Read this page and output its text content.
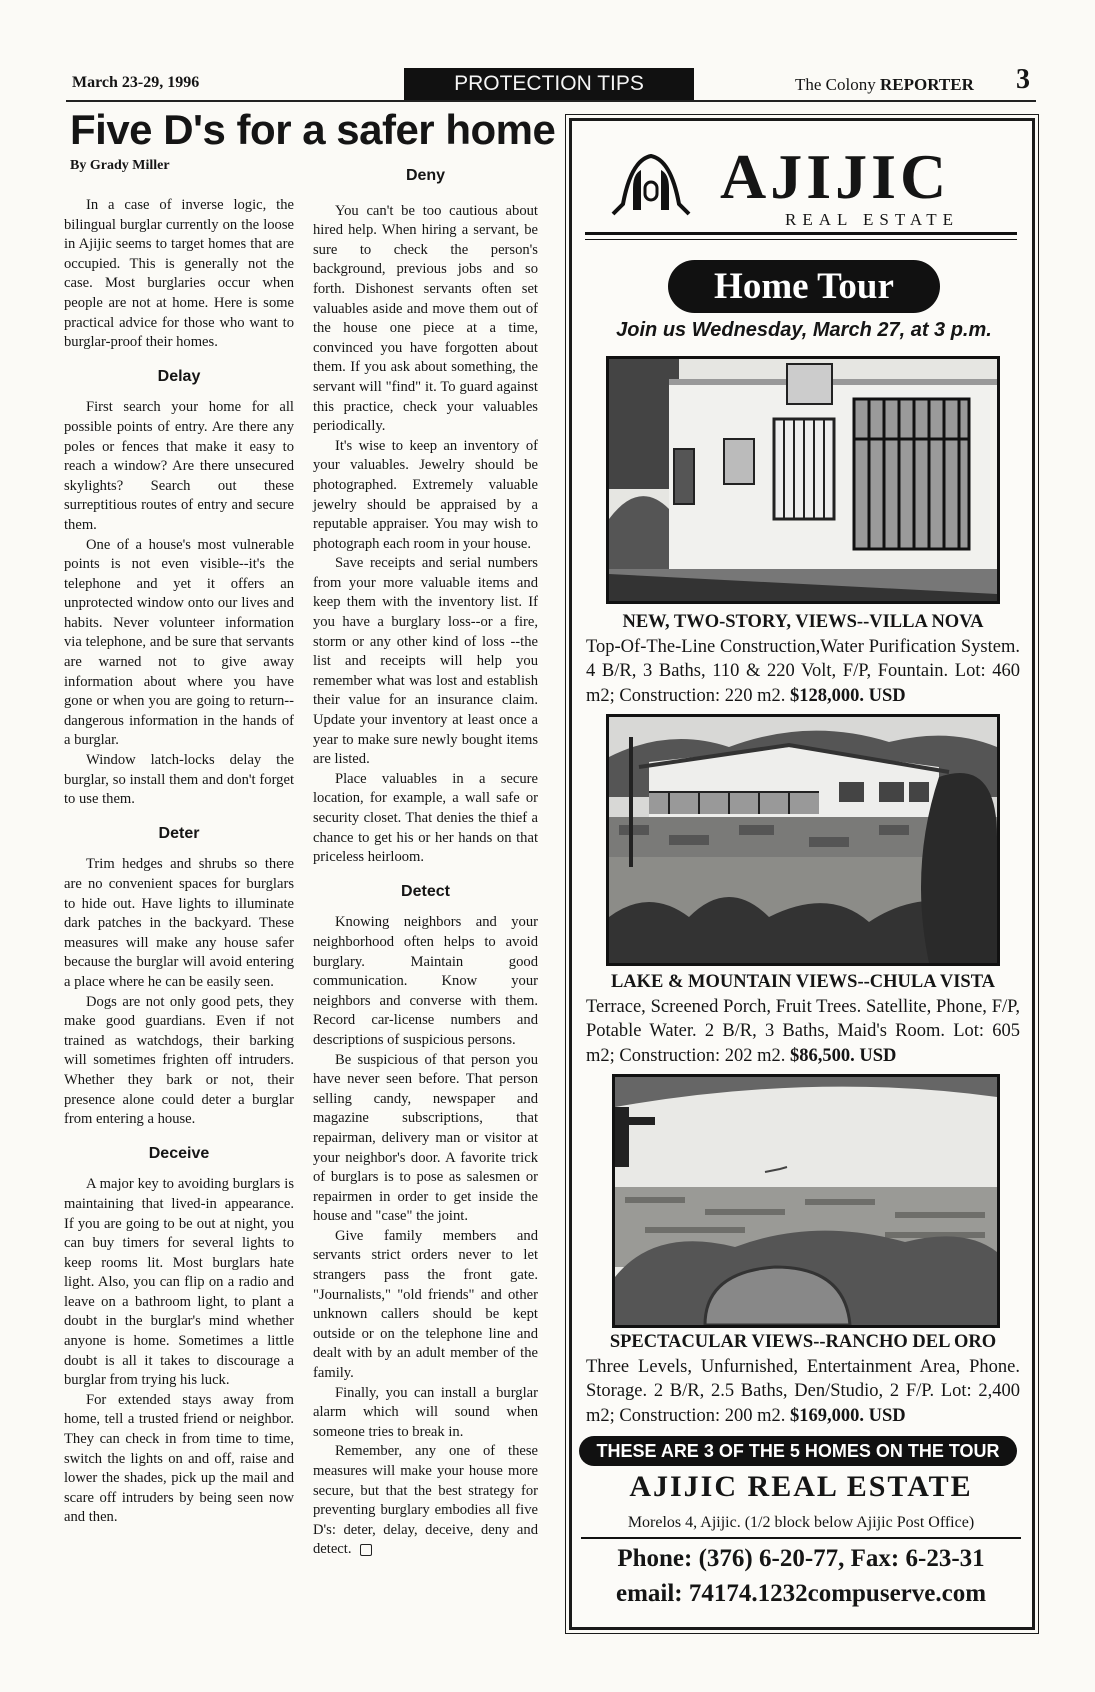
March 23-29, 1996	PROTECTION TIPS	The Colony REPORTER 3
Five D's for a safer home
By Grady Miller

In a case of inverse logic, the bilingual burglar currently on the loose in Ajijic seems to target homes that are occupied. This is generally not the case. Most burglaries occur when people are not at home. Here is some practical advice for those who want to burglar-proof their homes.

Delay

First search your home for all possible points of entry. Are there any poles or fences that make it easy to reach a window? Are there unsecured skylights? Search out these surreptitious routes of entry and secure them.

One of a house's most vulnerable points is not even visible--it's the telephone and yet it offers an unprotected window onto our lives and habits. Never volunteer information via telephone, and be sure that servants are warned not to give away information about where you have gone or when you are going to return--dangerous information in the hands of a burglar.

Window latch-locks delay the burglar, so install them and don't forget to use them.

Deter

Trim hedges and shrubs so there are no convenient spaces for burglars to hide out. Have lights to illuminate dark patches in the backyard. These measures will make any house safer because the burglar will avoid entering a place where he can be easily seen.

Dogs are not only good pets, they make good guardians. Even if not trained as watchdogs, their barking will sometimes frighten off intruders. Whether they bark or not, their presence alone could deter a burglar from entering a house.

Deceive

A major key to avoiding burglars is maintaining that lived-in appearance. If you are going to be out at night, you can buy timers for several lights to keep rooms lit. Most burglars hate light. Also, you can flip on a radio and leave on a bathroom light, to plant a doubt in the burglar's mind whether anyone is home. Sometimes a little doubt is all it takes to discourage a burglar from trying his luck.

For extended stays away from home, tell a trusted friend or neighbor. They can check in from time to time, switch the lights on and off, raise and lower the shades, pick up the mail and scare off intruders by being seen now and then.

Deny

You can't be too cautious about hired help. When hiring a servant, be sure to check the person's background, previous jobs and so forth. Dishonest servants often set valuables aside and move them out of the house one piece at a time, convinced you have forgotten about them. If you ask about something, the servant will "find" it. To guard against this practice, check your valuables periodically.

It's wise to keep an inventory of your valuables. Jewelry should be photographed. Extremely valuable jewelry should be appraised by a reputable appraiser. You may wish to photograph each room in your house.

Save receipts and serial numbers from your more valuable items and keep them with the inventory list. If you have a burglary loss--or a fire, storm or any other kind of loss --the list and receipts will help you remember what was lost and establish their value for an insurance claim. Update your inventory at least once a year to make sure newly bought items are listed.

Place valuables in a secure location, for example, a wall safe or security closet. That denies the thief a chance to get his or her hands on that priceless heirloom.

Detect

Knowing neighbors and your neighborhood often helps to avoid burglary. Maintain good communication. Know your neighbors and converse with them. Record car-license numbers and descriptions of suspicious persons.

Be suspicious of that person you have never seen before. That person selling candy, newspaper and magazine subscriptions, that repairman, delivery man or visitor at your neighbor's door. A favorite trick of burglars is to pose as salesmen or repairmen in order to get inside the house and "case" the joint.

Give family members and servants strict orders never to let strangers pass the front gate. "Journalists," "old friends" and other unknown callers should be kept outside or on the telephone line and dealt with by an adult member of the family.

Finally, you can install a burglar alarm which will sound when someone tries to break in.

Remember, any one of these measures will make your house more secure, but that the best strategy for preventing burglary embodies all five D's: deter, delay, deceive, deny and detect.

AJIJIC
REAL ESTATE
Home Tour
Join us Wednesday, March 27, at 3 p.m.
NEW, TWO-STORY, VIEWS--VILLA NOVA
Top-Of-The-Line Construction,Water Purification System. 4 B/R, 3 Baths, 110 & 220 Volt, F/P, Fountain. Lot: 460 m2; Construction: 220 m2. $128,000. USD
LAKE & MOUNTAIN VIEWS--CHULA VISTA
Terrace, Screened Porch, Fruit Trees. Satellite, Phone, F/P, Potable Water. 2 B/R, 3 Baths, Maid's Room. Lot: 605 m2; Construction: 202 m2. $86,500. USD
SPECTACULAR VIEWS--RANCHO DEL ORO
Three Levels, Unfurnished, Entertainment Area, Phone. Storage. 2 B/R, 2.5 Baths, Den/Studio, 2 F/P. Lot: 2,400 m2; Construction: 200 m2. $169,000. USD
THESE ARE 3 OF THE 5 HOMES ON THE TOUR
AJIJIC REAL ESTATE
Morelos 4, Ajijic. (1/2 block below Ajijic Post Office)
Phone: (376) 6-20-77, Fax: 6-23-31
email: 74174.1232compuserve.com
